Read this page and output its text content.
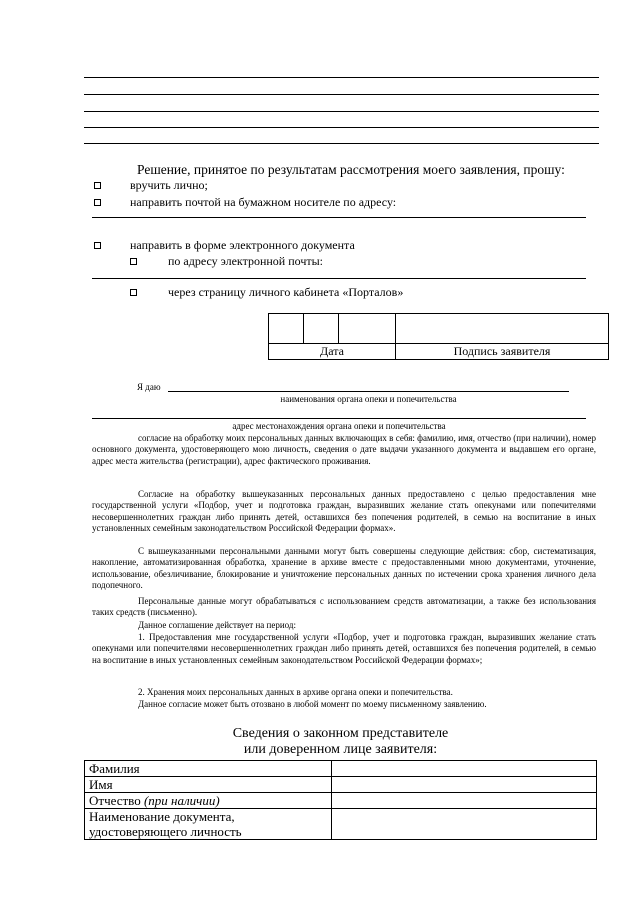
Решение, принятое по результатам рассмотрения моего заявления, прошу:
вручить лично;
направить почтой на бумажном носителе по адресу:
направить в форме электронного документа
по адресу электронной почты:
через страницу личного кабинета «Порталов»

Дата			Подпись заявителя
Я даю
наименования органа опеки и попечительства
адрес местонахождения органа опеки и попечительства

согласие на обработку моих персональных данных включающих в себя: фамилию, имя, отчество (при наличии), номер основного документа, удостоверяющего мою личность, сведения о дате выдачи указанного документа и выдавшем его органе, адрес места жительства (регистрации), адрес фактического проживания.

Согласие на обработку вышеуказанных персональных данных предоставлено с целью предоставления мне государственной услуги «Подбор, учет и подготовка граждан, выразивших желание стать опекунами или попечителями несовершеннолетних граждан либо принять детей, оставшихся без попечения родителей, в семью на воспитание в иных установленных семейным законодательством Российской Федерации формах».

С вышеуказанными персональными данными могут быть совершены следующие действия: сбор, систематизация, накопление, автоматизированная обработка, хранение в архиве вместе с предоставленными мною документами, уточнение, использование, обезличивание, блокирование и уничтожение персональных данных по истечении срока хранения личного дела подопечного.

Персональные данные могут обрабатываться с использованием средств автоматизации, а также без использования таких средств (письменно).

Данное соглашение действует на период:

1. Предоставления мне государственной услуги «Подбор, учет и подготовка граждан, выразивших желание стать опекунами или попечителями несовершеннолетних граждан либо принять детей, оставшихся без попечения родителей, в семью на воспитание в иных установленных семейным законодательством Российской Федерации формах»;

2. Хранения моих персональных данных в архиве органа опеки и попечительства.

Данное согласие может быть отозвано в любой момент по моему письменному заявлению.

Сведения о законном представителе
или доверенном лице заявителя:
Фамилия	
Имя	
Отчество (при наличии)	

Наименование документа,
удостоверяющего личность	
